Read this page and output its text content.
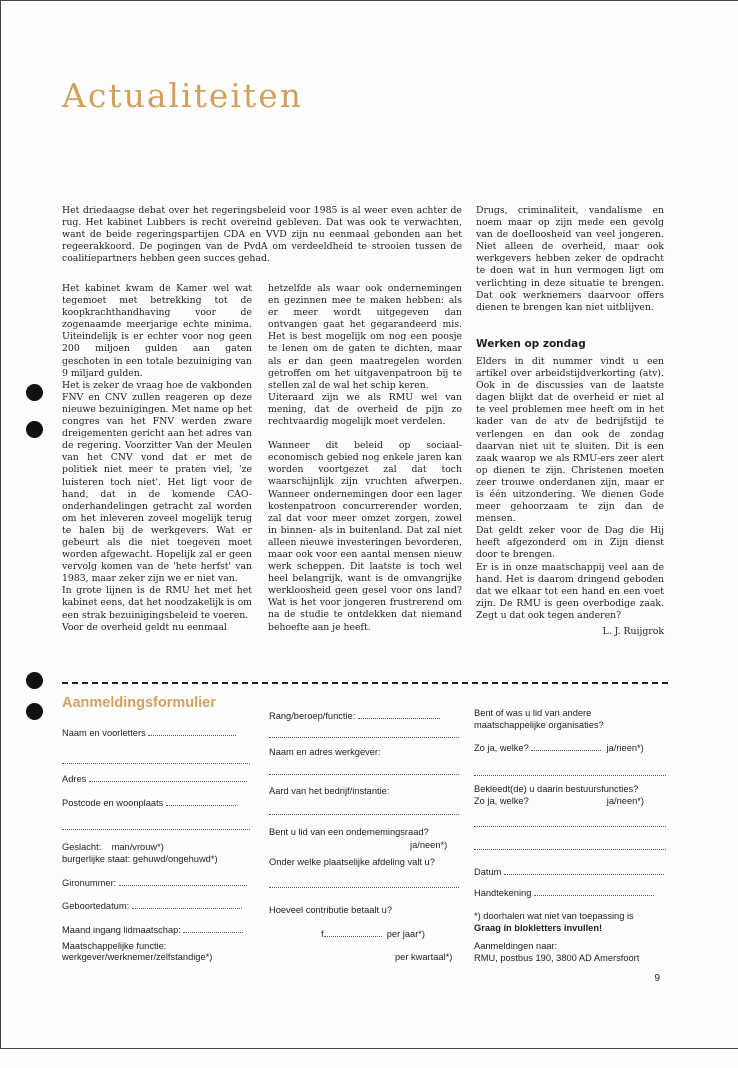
Actualiteiten
Het driedaagse debat over het regeringsbeleid voor 1985 is al weer even achter de rug. Het kabinet Lubbers is recht overeind gebleven. Dat was ook te verwachten, want de beide regeringspartijen CDA en VVD zijn nu eenmaal gebonden aan het regeerakkoord. De pogingen van de PvdA om verdeeldheid te strooien tussen de coalitiepartners hebben geen succes gehad.

Het kabinet kwam de Kamer wel wat tegemoet met betrekking tot de koopkrachthandhaving voor de zogenaamde meerjarige echte minima. Uiteindelijk is er echter voor nog geen 200 miljoen gulden aan gaten geschoten in een totale bezuiniging van 9 miljard gulden.

Het is zeker de vraag hoe de vakbonden FNV en CNV zullen reageren op deze nieuwe bezuinigingen. Met name op het congres van het FNV werden zware dreigementen gericht aan het adres van de regering. Voorzitter Van der Meulen van het CNV vond dat er met de politiek niet meer te praten viel, 'ze luisteren toch niet'. Het ligt voor de hand, dat in de komende CAO-onderhandelingen getracht zal worden om het inleveren zoveel mogelijk terug te halen bij de werkgevers. Wat er gebeurt als die niet toegeven moet worden afgewacht. Hopelijk zal er geen vervolg komen van de 'hete herfst' van 1983, maar zeker zijn we er niet van.

In grote lijnen is de RMU het met het kabinet eens, dat het noodzakelijk is om een strak bezuinigingsbeleid te voeren.

Voor de overheid geldt nu eenmaal

hetzelfde als waar ook ondernemingen en gezinnen mee te maken hebben: als er meer wordt uitgegeven dan ontvangen gaat het gegarandeerd mis. Het is best mogelijk om nog een poosje te lenen om de gaten te dichten, maar als er dan geen maatregelen worden getroffen om het uitgavenpatroon bij te stellen zal de wal het schip keren.

Uiteraard zijn we als RMU wel van mening, dat de overheid de pijn zo rechtvaardig mogelijk moet verdelen.

Wanneer dit beleid op sociaal-economisch gebied nog enkele jaren kan worden voortgezet zal dat toch waarschijnlijk zijn vruchten afwerpen. Wanneer ondernemingen door een lager kostenpatroon concurrerender worden, zal dat voor meer omzet zorgen, zowel in binnen- als in buitenland. Dat zal niet alleen nieuwe investeringen bevorderen, maar ook voor een aantal mensen nieuw werk scheppen. Dit laatste is toch wel heel belangrijk, want is de omvangrijke werkloosheid geen gesel voor ons land? Wat is het voor jongeren frustrerend om na de studie te ontdekken dat niemand behoefte aan je heeft.

Drugs, criminaliteit, vandalisme en noem maar op zijn mede een gevolg van de doelloosheid van veel jongeren. Niet alleen de overheid, maar ook werkgevers hebben zeker de opdracht te doen wat in hun vermogen ligt om verlichting in deze situatie te brengen. Dat ook werknemers daarvoor offers dienen te brengen kan niet uitblijven.

Werken op zondag

Elders in dit nummer vindt u een artikel over arbeidstijdverkorting (atv). Ook in de discussies van de laatste dagen blijkt dat de overheid er niet al te veel problemen mee heeft om in het kader van de atv de bedrijfstijd te verlengen en dan ook de zondag daarvan niet uit te sluiten. Dit is een zaak waarop we als RMU-ers zeer alert op dienen te zijn. Christenen moeten zeer trouwe onderdanen zijn, maar er is één uitzondering. We dienen Gode meer gehoorzaam te zijn dan de mensen.

Dat geldt zeker voor de Dag die Hij heeft afgezonderd om in Zijn dienst door te brengen.

Er is in onze maatschappij veel aan de hand. Het is daarom dringend geboden dat we elkaar tot een hand en een voet zijn. De RMU is geen overbodige zaak. Zegt u dat ook tegen anderen?

L. J. Ruijgrok

Aanmeldingsformulier
Naam en voorletters
Adres
Postcode en woonplaats
Geslacht: man/vrouw*)
burgerlijke staat: gehuwd/ongehuwd*)
Gironummer:
Geboortedatum:
Maand ingang lidmaatschap:
Maatschappelijke functie:
werkgever/werknemer/zelfstandige*)
Rang/beroep/functie:
Naam en adres werkgever:
Aard van het bedrijf/instantie:
Bent u lid van een ondernemingsraad?
ja/neen*)
Onder welke plaatselijke afdeling valt u?
Hoeveel contributie betaalt u?
f	per jaar*)
per kwartaal*)
Bent of was u lid van andere
maatschappelijke organisaties?
Zo ja, welke?	ja/neen*)
Bekleedt(de) u daarin bestuursfuncties?
Zo ja, welke?	ja/neen*)
Datum
Handtekening
*) doorhalen wat niet van toepassing is
Graag in blokletters invullen!
Aanmeldingen naar:
RMU, postbus 190, 3800 AD Amersfoort
9
